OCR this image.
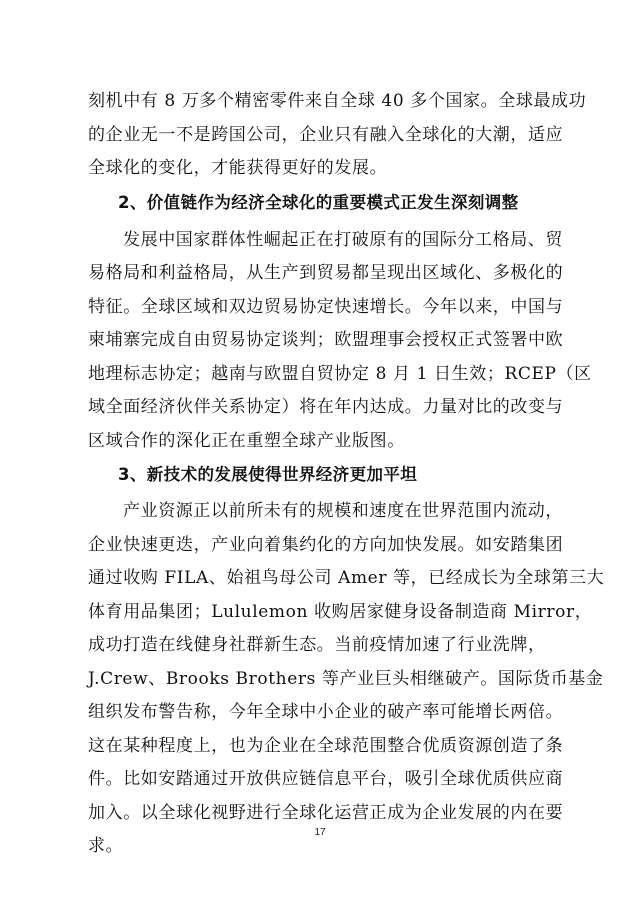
刻机中有 8 万多个精密零件来自全球 40 多个国家。全球最成功
的企业无一不是跨国公司，企业只有融入全球化的大潮，适应
全球化的变化，才能获得更好的发展。
2、价值链作为经济全球化的重要模式正发生深刻调整
发展中国家群体性崛起正在打破原有的国际分工格局、贸
易格局和利益格局，从生产到贸易都呈现出区域化、多极化的
特征。全球区域和双边贸易协定快速增长。今年以来，中国与
柬埔寨完成自由贸易协定谈判；欧盟理事会授权正式签署中欧
地理标志协定；越南与欧盟自贸协定 8 月 1 日生效；RCEP（区
域全面经济伙伴关系协定）将在年内达成。力量对比的改变与
区域合作的深化正在重塑全球产业版图。
3、新技术的发展使得世界经济更加平坦
产业资源正以前所未有的规模和速度在世界范围内流动，
企业快速更迭，产业向着集约化的方向加快发展。如安踏集团
通过收购 FILA、始祖鸟母公司 Amer 等，已经成长为全球第三大
体育用品集团；Lululemon 收购居家健身设备制造商 Mirror，
成功打造在线健身社群新生态。当前疫情加速了行业洗牌，
J.Crew、Brooks Brothers 等产业巨头相继破产。国际货币基金
组织发布警告称，今年全球中小企业的破产率可能增长两倍。
这在某种程度上，也为企业在全球范围整合优质资源创造了条
件。比如安踏通过开放供应链信息平台，吸引全球优质供应商
加入。以全球化视野进行全球化运营正成为企业发展的内在要
求。
17
